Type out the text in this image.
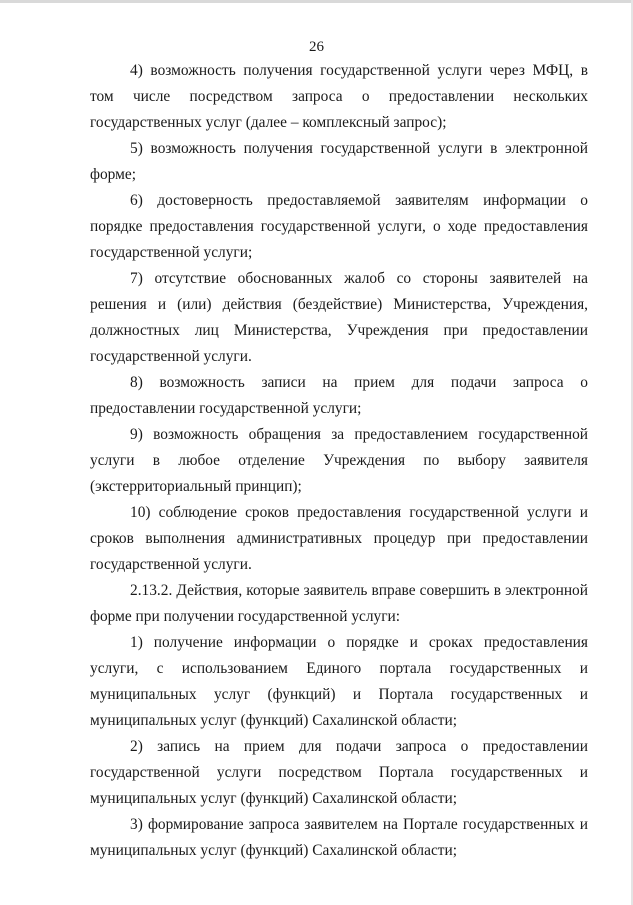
26

4) возможность получения государственной услуги через МФЦ, в том числе посредством запроса о предоставлении нескольких государственных услуг (далее – комплексный запрос);

5) возможность получения государственной услуги в электронной форме;

6) достоверность предоставляемой заявителям информации о порядке предоставления государственной услуги, о ходе предоставления государственной услуги;

7) отсутствие обоснованных жалоб со стороны заявителей на решения и (или) действия (бездействие) Министерства, Учреждения, должностных лиц Министерства, Учреждения при предоставлении государственной услуги.

8) возможность записи на прием для подачи запроса о предоставлении государственной услуги;

9) возможность обращения за предоставлением государственной услуги в любое отделение Учреждения по выбору заявителя (экстерриториальный принцип);

10) соблюдение сроков предоставления государственной услуги и сроков выполнения административных процедур при предоставлении государственной услуги.

2.13.2. Действия, которые заявитель вправе совершить в электронной форме при получении государственной услуги:

1) получение информации о порядке и сроках предоставления услуги, с использованием Единого портала государственных и муниципальных услуг (функций) и Портала государственных и муниципальных услуг (функций) Сахалинской области;

2) запись на прием для подачи запроса о предоставлении государственной услуги посредством Портала государственных и муниципальных услуг (функций) Сахалинской области;

3) формирование запроса заявителем на Портале государственных и муниципальных услуг (функций) Сахалинской области;
